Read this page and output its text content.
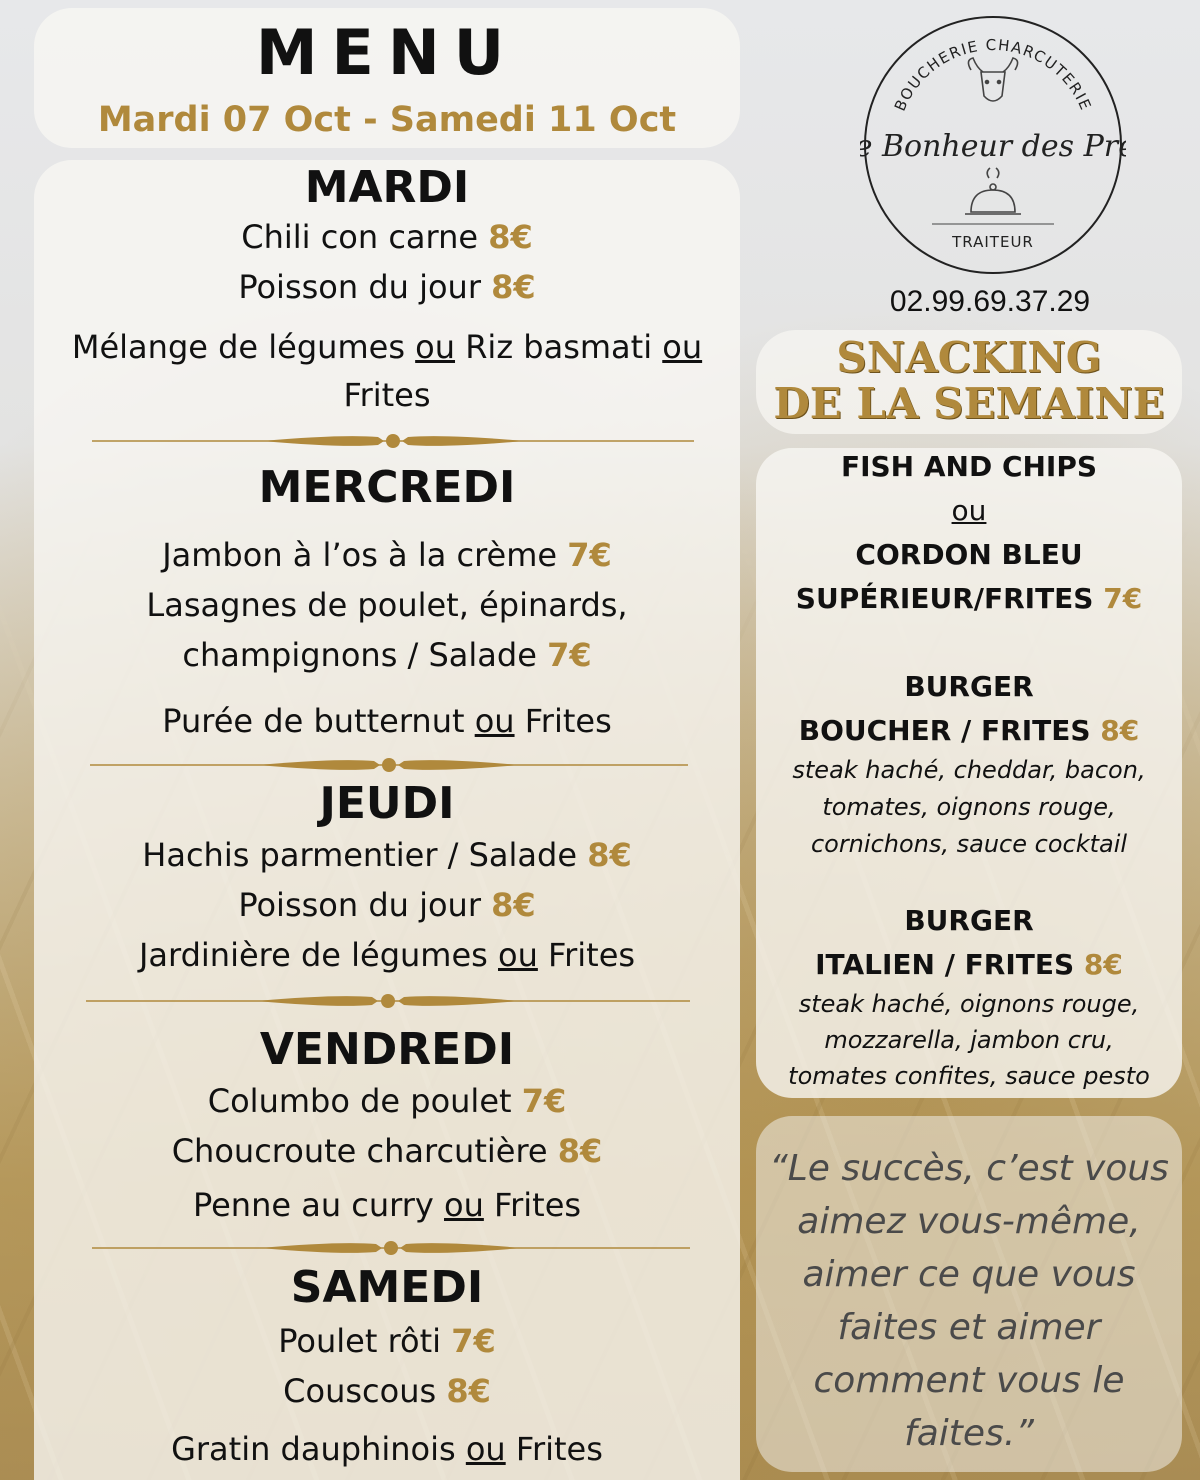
MENU
Mardi 07 Oct - Samedi 11 Oct
MARDI
Chili con carne 8€
Poisson du jour 8€
Mélange de légumes ou Riz basmati ou
Frites
MERCREDI
Jambon à l’os à la crème 7€
Lasagnes de poulet, épinards,
champignons / Salade 7€
Purée de butternut ou Frites
JEUDI
Hachis parmentier / Salade 8€
Poisson du jour 8€
Jardinière de légumes ou Frites
VENDREDI
Columbo de poulet 7€
Choucroute charcutière 8€
Penne au curry ou Frites
SAMEDI
Poulet rôti 7€
Couscous 8€
Gratin dauphinois ou Frites
BOUCHERIE CHARCUTERIE
Bonheur des Pr
TRAITEUR
02.99.69.37.29
SNACKING
DE LA SEMAINE
FISH AND CHIPS
ou
CORDON BLEU
SUPÉRIEUR/FRITES 7€
BURGER
BOUCHER / FRITES 8€
steak haché, cheddar, bacon,
tomates, oignons rouge,
cornichons, sauce cocktail
BURGER
ITALIEN / FRITES 8€
steak haché, oignons rouge,
mozzarella, jambon cru,
tomates confites, sauce pesto
“Le succès, c’est vous
aimez vous-même,
aimer ce que vous
faites et aimer
comment vous le
faites.”
